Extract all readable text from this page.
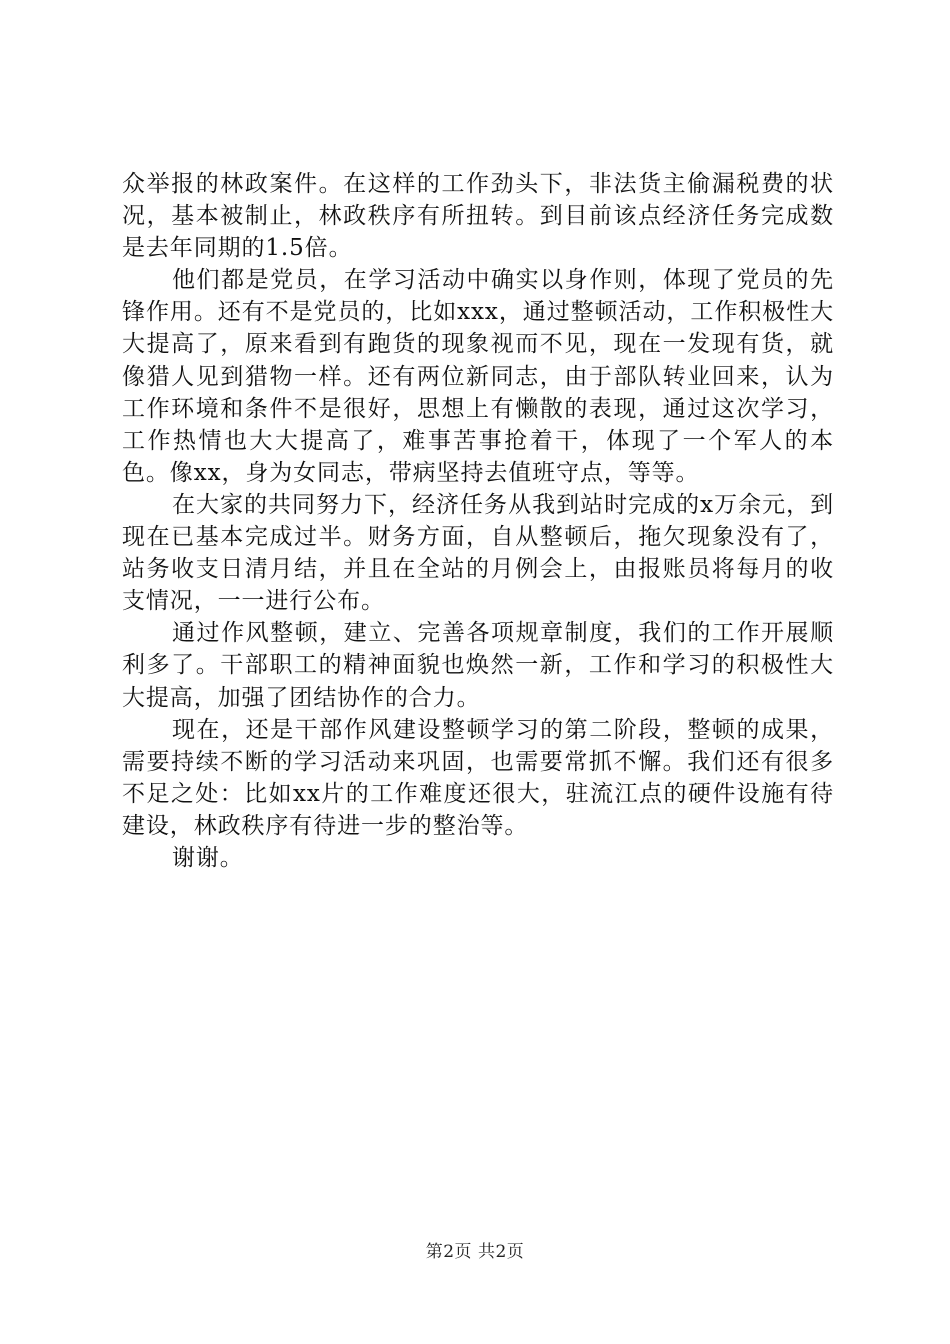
众举报的林政案件。在这样的工作劲头下，非法货主偷漏税费的状况，基本被制止，林政秩序有所扭转。到目前该点经济任务完成数是去年同期的1.5倍。

他们都是党员，在学习活动中确实以身作则，体现了党员的先锋作用。还有不是党员的，比如xxx，通过整顿活动，工作积极性大大提高了，原来看到有跑货的现象视而不见，现在一发现有货，就像猎人见到猎物一样。还有两位新同志，由于部队转业回来，认为工作环境和条件不是很好，思想上有懒散的表现，通过这次学习，工作热情也大大提高了，难事苦事抢着干，体现了一个军人的本色。像xx，身为女同志，带病坚持去值班守点，等等。

在大家的共同努力下，经济任务从我到站时完成的x万余元，到现在已基本完成过半。财务方面，自从整顿后，拖欠现象没有了，站务收支日清月结，并且在全站的月例会上，由报账员将每月的收支情况，一一进行公布。

通过作风整顿，建立、完善各项规章制度，我们的工作开展顺利多了。干部职工的精神面貌也焕然一新，工作和学习的积极性大大提高，加强了团结协作的合力。

现在，还是干部作风建设整顿学习的第二阶段，整顿的成果，需要持续不断的学习活动来巩固，也需要常抓不懈。我们还有很多不足之处：比如xx片的工作难度还很大，驻流江点的硬件设施有待建设，林政秩序有待进一步的整治等。

谢谢。

第2页 共2页
